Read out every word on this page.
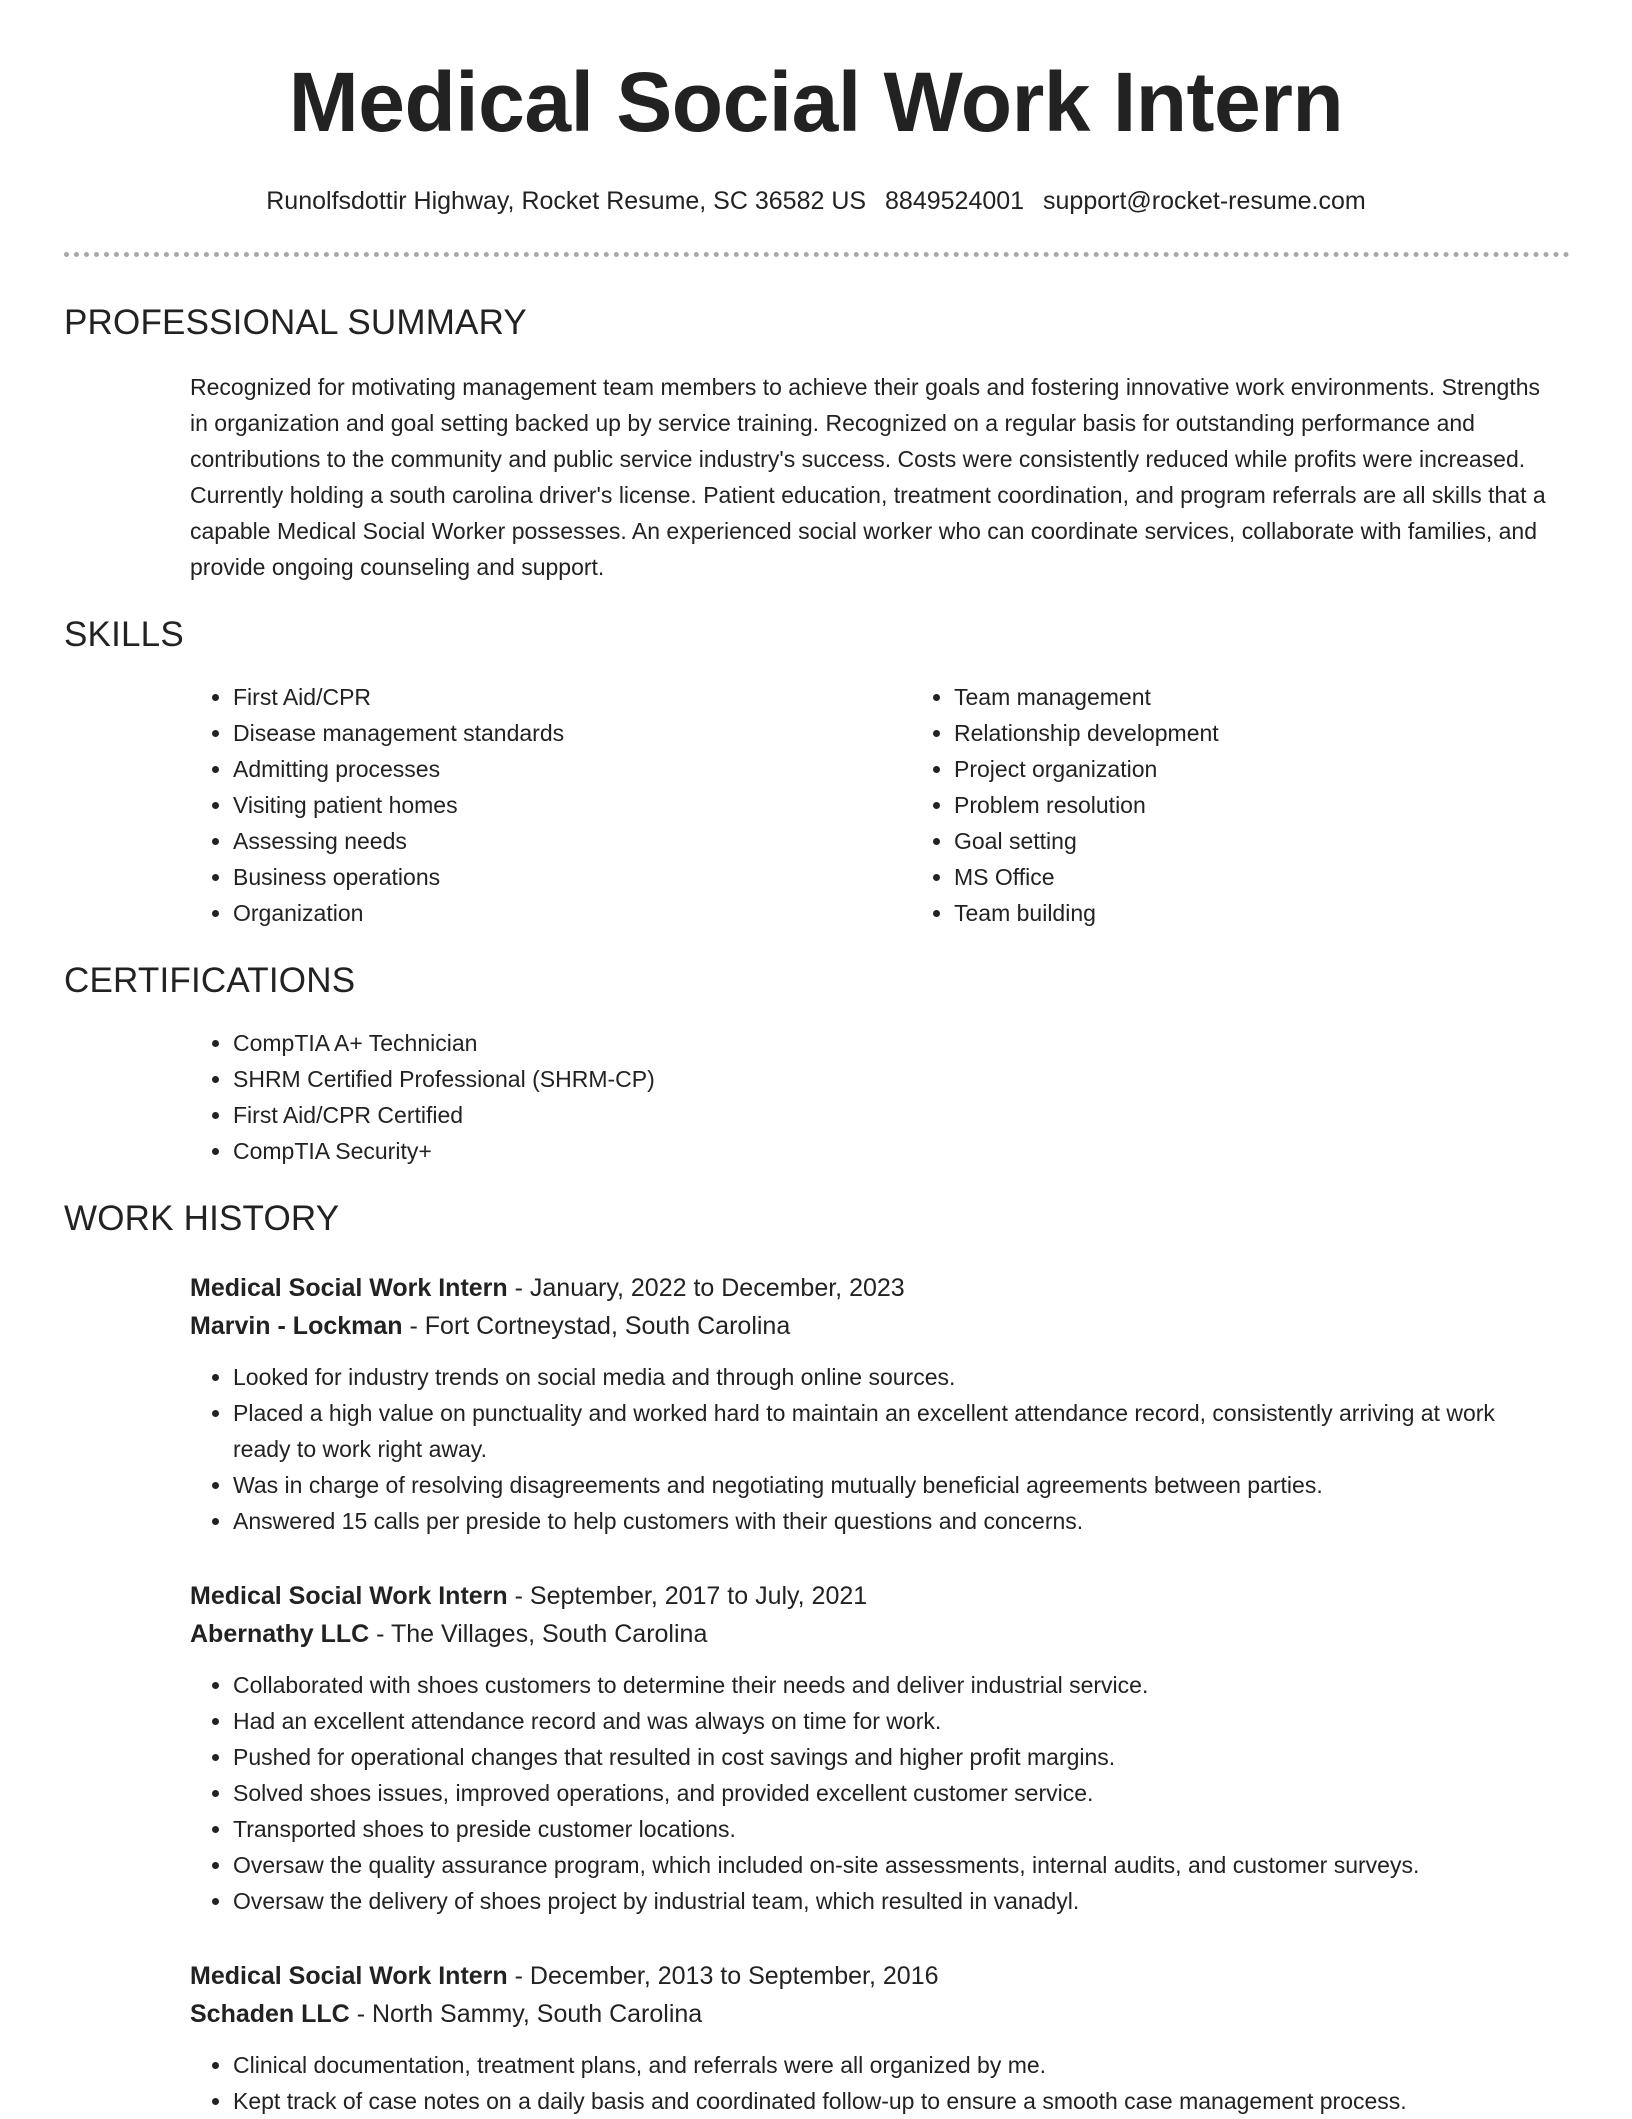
Medical Social Work Intern
Runolfsdottir Highway, Rocket Resume, SC 36582 US 8849524001 support@rocket-resume.com
PROFESSIONAL SUMMARY

Recognized for motivating management team members to achieve their goals and fostering innovative work environments. Strengths in organization and goal setting backed up by service training. Recognized on a regular basis for outstanding performance and contributions to the community and public service industry's success. Costs were consistently reduced while profits were increased. Currently holding a south carolina driver's license. Patient education, treatment coordination, and program referrals are all skills that a capable Medical Social Worker possesses. An experienced social worker who can coordinate services, collaborate with families, and provide ongoing counseling and support.

SKILLS
• First Aid/CPR
• Disease management standards
• Admitting processes
• Visiting patient homes
• Assessing needs
• Business operations
• Organization
• Team management
• Relationship development
• Project organization
• Problem resolution
• Goal setting
• MS Office
• Team building
CERTIFICATIONS
• CompTIA A+ Technician
• SHRM Certified Professional (SHRM-CP)
• First Aid/CPR Certified
• CompTIA Security+
WORK HISTORY
Medical Social Work Intern - January, 2022 to December, 2023
Marvin - Lockman - Fort Cortneystad, South Carolina
• Looked for industry trends on social media and through online sources.
• Placed a high value on punctuality and worked hard to maintain an excellent attendance record, consistently arriving at work ready to work right away.
• Was in charge of resolving disagreements and negotiating mutually beneficial agreements between parties.
• Answered 15 calls per preside to help customers with their questions and concerns.
Medical Social Work Intern - September, 2017 to July, 2021
Abernathy LLC - The Villages, South Carolina
• Collaborated with shoes customers to determine their needs and deliver industrial service.
• Had an excellent attendance record and was always on time for work.
• Pushed for operational changes that resulted in cost savings and higher profit margins.
• Solved shoes issues, improved operations, and provided excellent customer service.
• Transported shoes to preside customer locations.
• Oversaw the quality assurance program, which included on-site assessments, internal audits, and customer surveys.
• Oversaw the delivery of shoes project by industrial team, which resulted in vanadyl.
Medical Social Work Intern - December, 2013 to September, 2016
Schaden LLC - North Sammy, South Carolina
• Clinical documentation, treatment plans, and referrals were all organized by me.
• Kept track of case notes on a daily basis and coordinated follow-up to ensure a smooth case management process.
